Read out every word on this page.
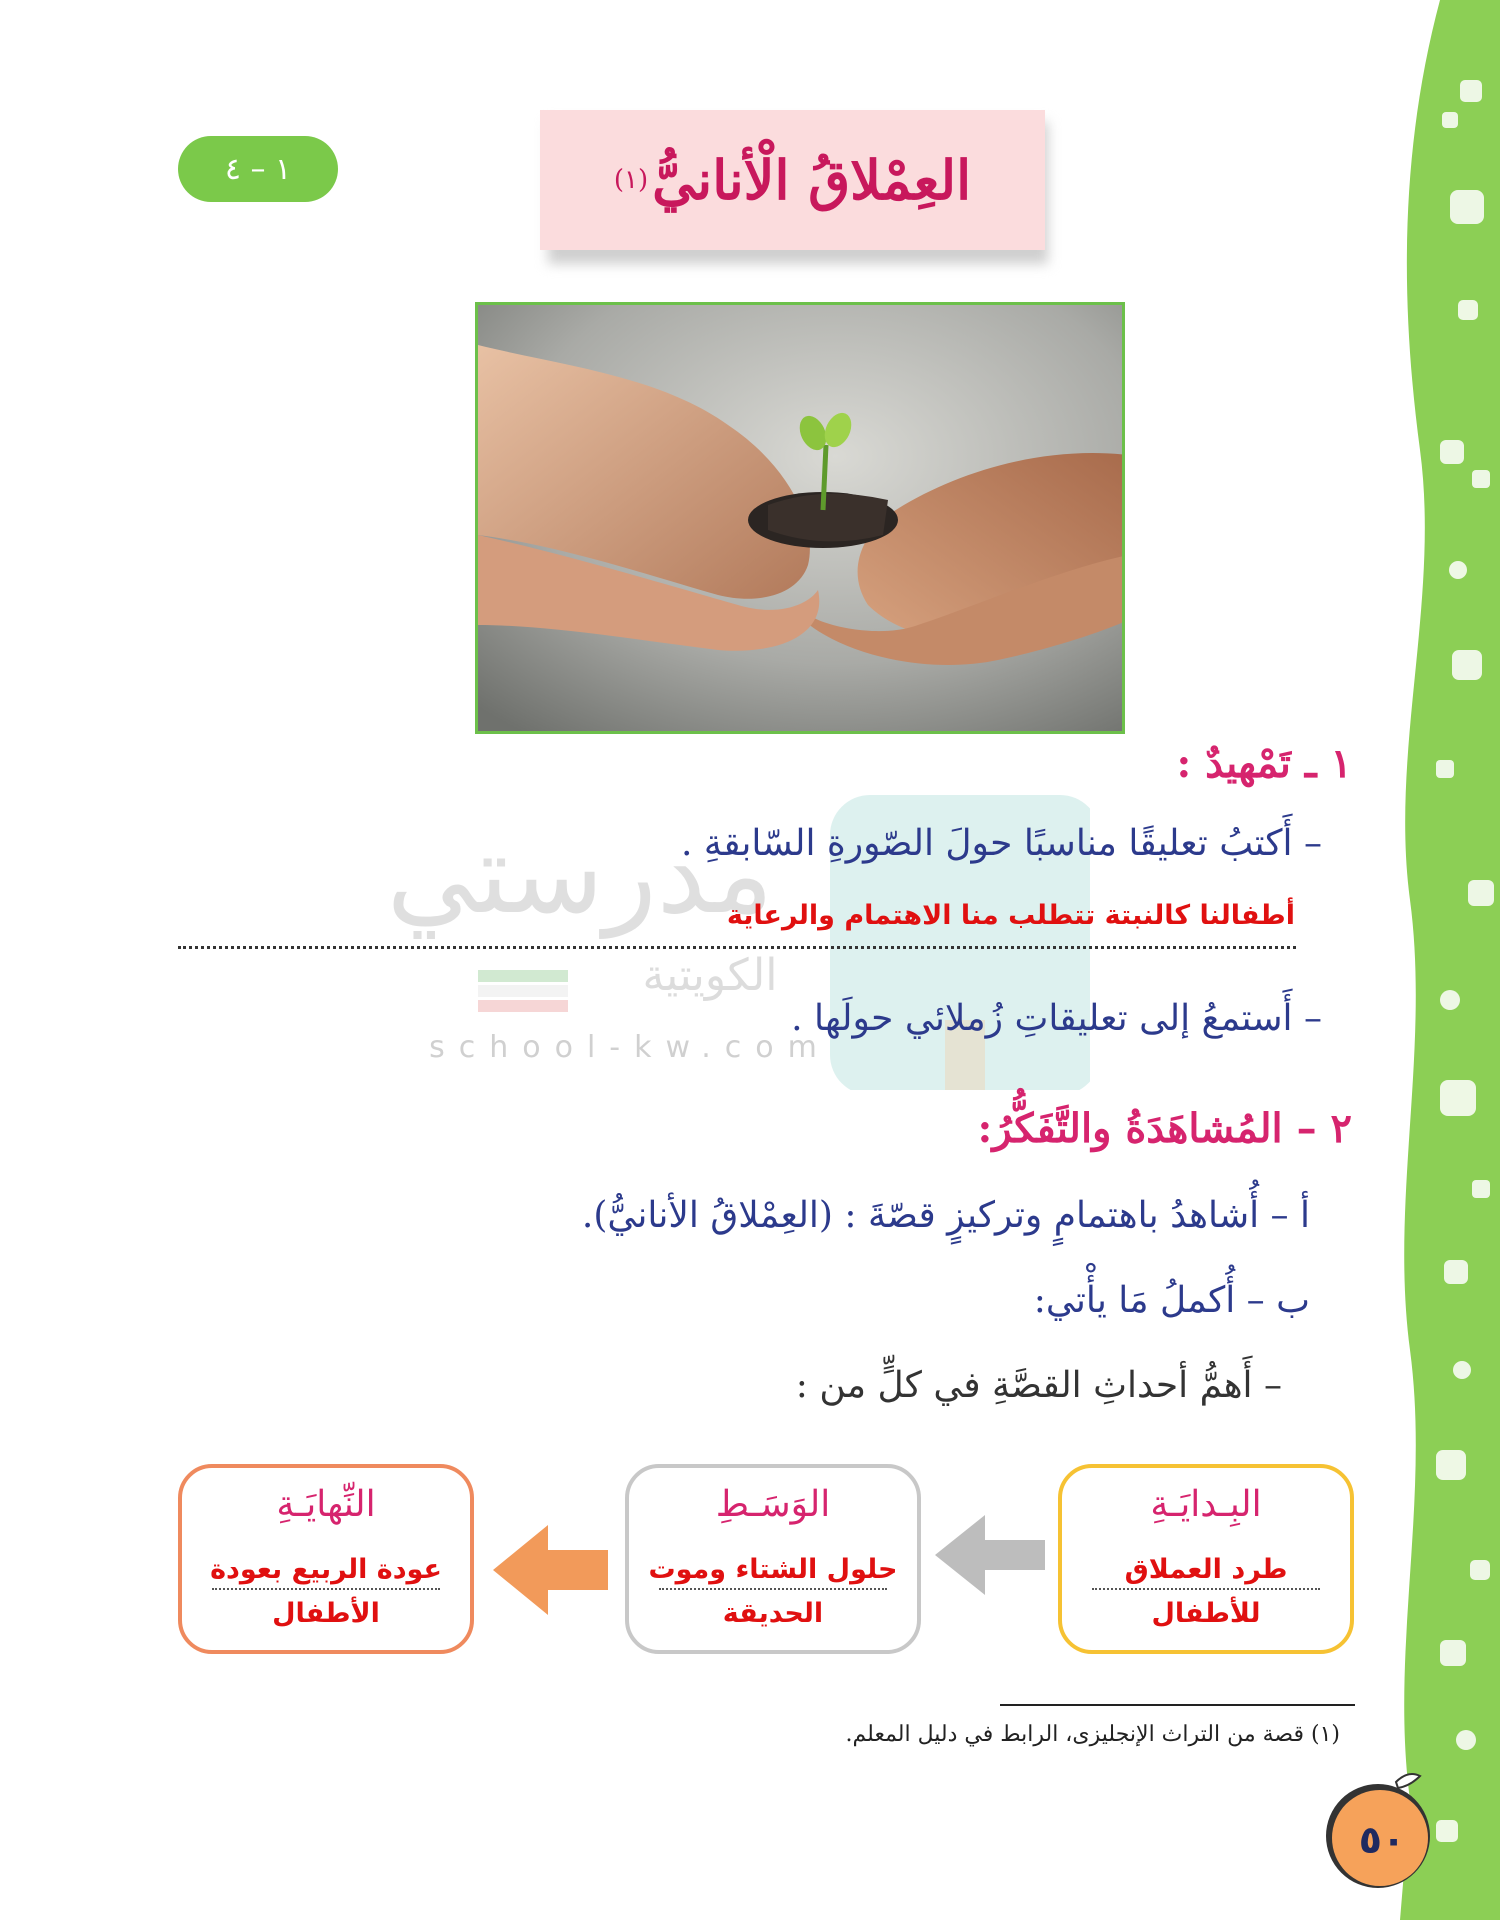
١ – ٤	العِمْلاقُ الْأنانيُّ
(١)
مدرستي
الكويتية
school-kw.com
١ ـ تَمْهيدٌ :
– أَكتبُ تعليقًا مناسبًا حولَ الصّورةِ السّابقةِ .
أطفالنا كالنبتة تتطلب منا الاهتمام والرعاية
– أَستمعُ إلى تعليقاتِ زُملائي حولَها .
٢ – المُشاهَدَةُ والتَّفَكُّرُ:
أ – أُشاهدُ باهتمامٍ وتركيزٍ قصّةَ : (العِمْلاقُ الأنانيُّ).
ب – أُكملُ مَا يأْتي:
– أَهمُّ أحداثِ القصَّةِ في كلٍّ من :
البِـدايَـةِ
طرد العملاق للأطفال
الوَسَـطِ
حلول الشتاء وموت الحديقة
النِّهايَـةِ
عودة الربيع بعودة الأطفال
(١) قصة من التراث الإنجليزى، الرابط في دليل المعلم.
٥٠
